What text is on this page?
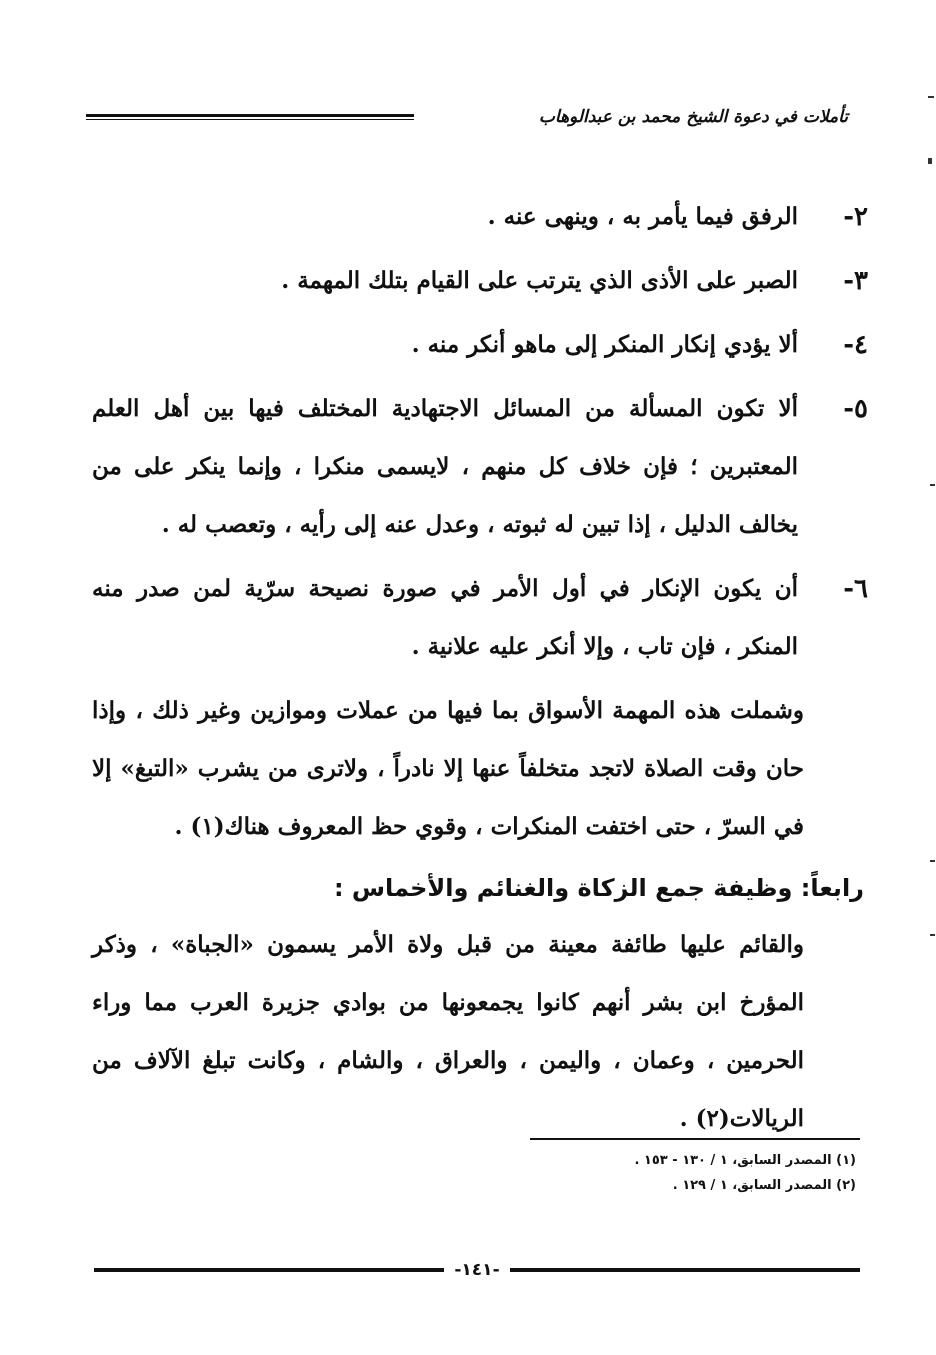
تأملات في دعوة الشيخ محمد بن عبدالوهاب
٢-

الرفق فيما يأمر به ، وينهى عنه .

٣-

الصبر على الأذى الذي يترتب على القيام بتلك المهمة .

٤-

ألا يؤدي إنكار المنكر إلى ماهو أنكر منه .

٥-

ألا تكون المسألة من المسائل الاجتهادية المختلف فيها بين أهل العلم المعتبرين ؛ فإن خلاف كل منهم ، لايسمى منكرا ، وإنما ينكر على من يخالف الدليل ، إذا تبين له ثبوته ، وعدل عنه إلى رأيه ، وتعصب له .

٦-

أن يكون الإنكار في أول الأمر في صورة نصيحة سرّية لمن صدر منه المنكر ، فإن تاب ، وإلا أنكر عليه علانية .

وشملت هذه المهمة الأسواق بما فيها من عملات وموازين وغير ذلك ، وإذا حان وقت الصلاة لاتجد متخلفاً عنها إلا نادراً ، ولاترى من يشرب «التبغ» إلا في السرّ ، حتى اختفت المنكرات ، وقوي حظ المعروف هناك(١) .

رابعاً: وظيفة جمع الزكاة والغنائم والأخماس :

والقائم عليها طائفة معينة من قبل ولاة الأمر يسمون «الجباة» ، وذكر المؤرخ ابن بشر أنهم كانوا يجمعونها من بوادي جزيرة العرب مما وراء الحرمين ، وعمان ، واليمن ، والعراق ، والشام ، وكانت تبلغ الآلاف من الريالات(٢) .

(١) المصدر السابق، ١ / ١٣٠ - ١٥٣ .
(٢) المصدر السابق، ١ / ١٢٩ .
-١٤١-
